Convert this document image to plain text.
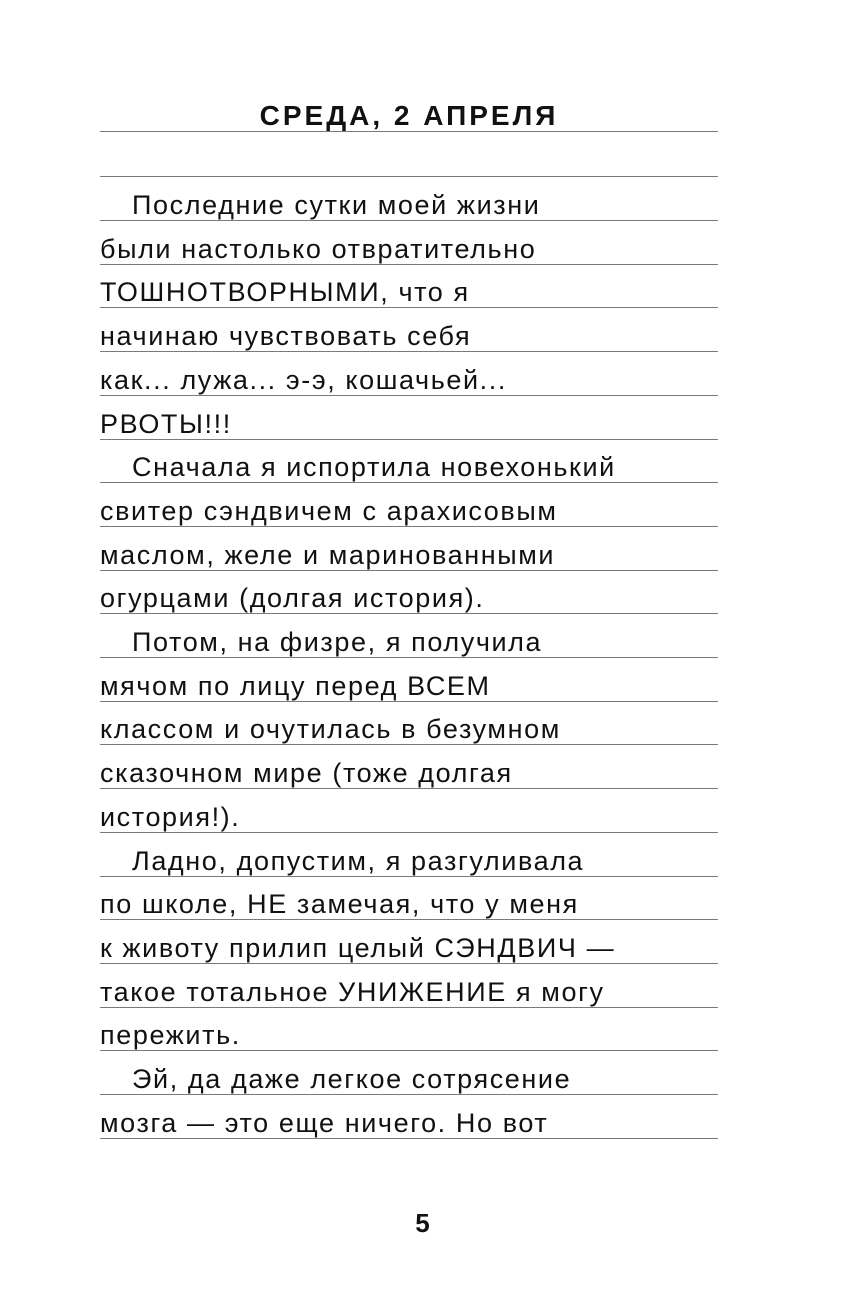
СРЕДА, 2 АПРЕЛЯ
Последние сутки моей жизни
были настолько отвратительно
ТОШНОТВОРНЫМИ, что я
начинаю чувствовать себя
как... лужа... э-э, кошачьей...
РВОТЫ!!!
Сначала я испортила новехонький
свитер сэндвичем с арахисовым
маслом, желе и маринованными
огурцами (долгая история).
Потом, на физре, я получила
мячом по лицу перед ВСЕМ
классом и очутилась в безумном
сказочном мире (тоже долгая
история!).
Ладно, допустим, я разгуливала
по школе, НЕ замечая, что у меня
к животу прилип целый СЭНДВИЧ —
такое тотальное УНИЖЕНИЕ я могу
пережить.
Эй, да даже легкое сотрясение
мозга — это еще ничего. Но вот
5
